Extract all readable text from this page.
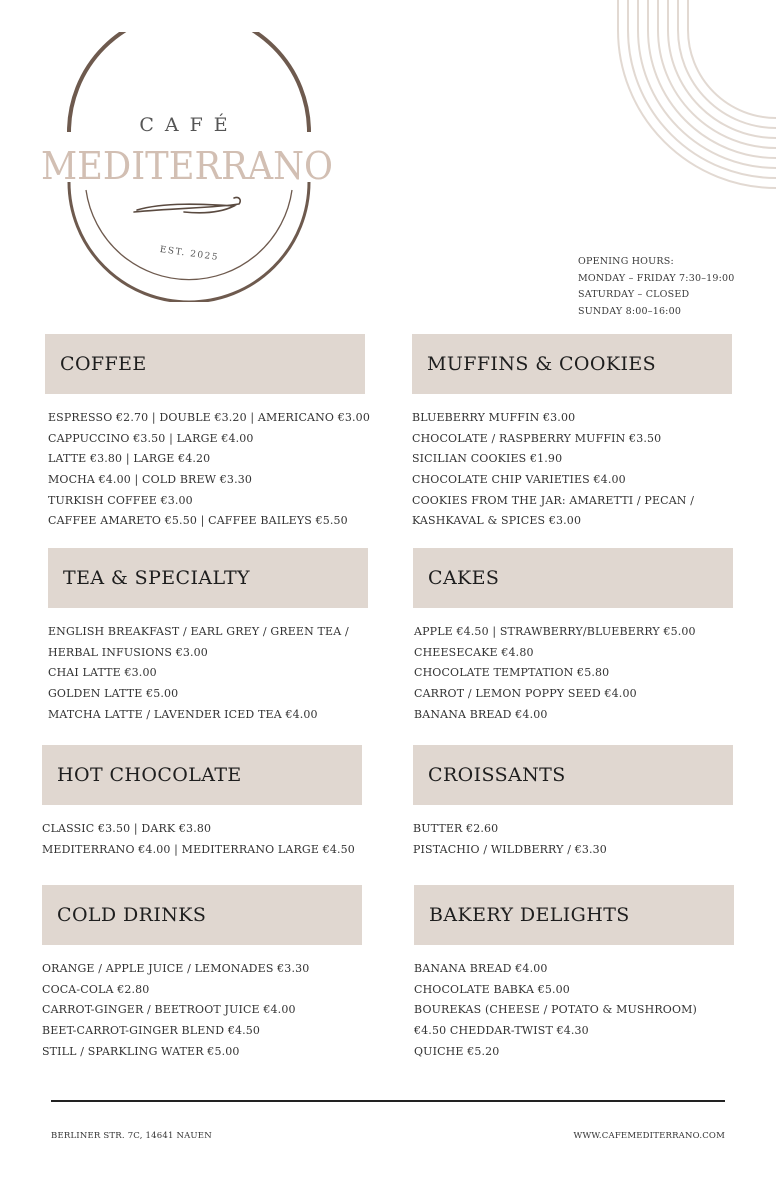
CAFÉ
MEDITERRANO
EST. 2025	OPENING HOURS:
MONDAY – FRIDAY 7:30–19:00
SATURDAY – CLOSED
SUNDAY 8:00–16:00
COFFEE
ESPRESSO €2.70 | DOUBLE €3.20 | AMERICANO €3.00
CAPPUCCINO €3.50 | LARGE €4.00
LATTE €3.80 | LARGE €4.20
MOCHA €4.00 | COLD BREW €3.30
TURKISH COFFEE €3.00
CAFFEE AMARETO €5.50 | CAFFEE BAILEYS €5.50
MUFFINS & COOKIES
BLUEBERRY MUFFIN €3.00
CHOCOLATE / RASPBERRY MUFFIN €3.50
SICILIAN COOKIES €1.90
CHOCOLATE CHIP VARIETIES €4.00
COOKIES FROM THE JAR: AMARETTI / PECAN /
KASHKAVAL & SPICES €3.00
TEA & SPECIALTY
ENGLISH BREAKFAST / EARL GREY / GREEN TEA /
HERBAL INFUSIONS €3.00
CHAI LATTE €3.00
GOLDEN LATTE €5.00
MATCHA LATTE / LAVENDER ICED TEA €4.00
CAKES
APPLE €4.50 | STRAWBERRY/BLUEBERRY €5.00
CHEESECAKE €4.80
CHOCOLATE TEMPTATION €5.80
CARROT / LEMON POPPY SEED €4.00
BANANA BREAD €4.00
HOT CHOCOLATE
CLASSIC €3.50 | DARK €3.80
MEDITERRANO €4.00 | MEDITERRANO LARGE €4.50
CROISSANTS
BUTTER €2.60
PISTACHIO / WILDBERRY / €3.30
COLD DRINKS
ORANGE / APPLE JUICE / LEMONADES €3.30
COCA-COLA €2.80
CARROT-GINGER / BEETROOT JUICE €4.00
BEET-CARROT-GINGER BLEND €4.50
STILL / SPARKLING WATER €5.00
BAKERY DELIGHTS
BANANA BREAD €4.00
CHOCOLATE BABKA €5.00
BOUREKAS (CHEESE / POTATO & MUSHROOM)
€4.50 CHEDDAR-TWIST €4.30
QUICHE €5.20
BERLINER STR. 7C, 14641 NAUEN	WWW.CAFEMEDITERRANO.COM
